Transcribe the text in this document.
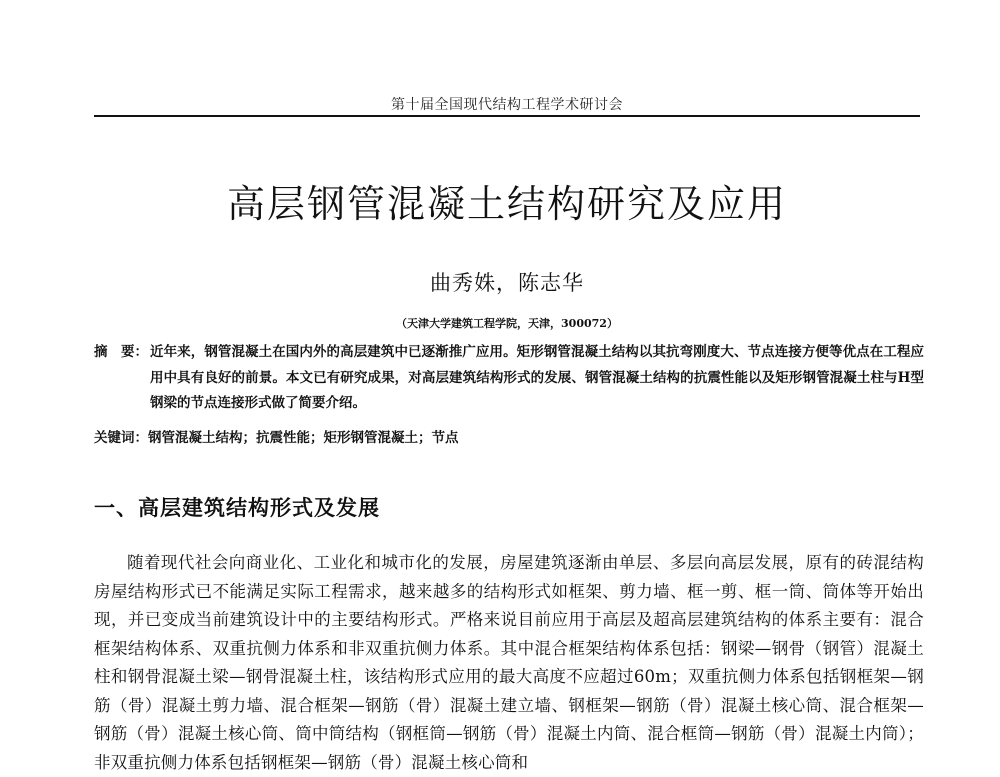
第十届全国现代结构工程学术研讨会
高层钢管混凝土结构研究及应用
曲秀姝，陈志华
（天津大学建筑工程学院，天津，300072）
摘　要： 近年来，钢管混凝土在国内外的高层建筑中已逐渐推广应用。矩形钢管混凝土结构以其抗弯刚度大、节点连接方便等优点在工程应用中具有良好的前景。本文已有研究成果，对高层建筑结构形式的发展、钢管混凝土结构的抗震性能以及矩形钢管混凝土柱与H型钢梁的节点连接形式做了简要介绍。
关键词：钢管混凝土结构；抗震性能；矩形钢管混凝土；节点
一、高层建筑结构形式及发展

随着现代社会向商业化、工业化和城市化的发展，房屋建筑逐渐由单层、多层向高层发展，原有的砖混结构房屋结构形式已不能满足实际工程需求，越来越多的结构形式如框架、剪力墙、框一剪、框一筒、筒体等开始出现，并已变成当前建筑设计中的主要结构形式。严格来说目前应用于高层及超高层建筑结构的体系主要有：混合框架结构体系、双重抗侧力体系和非双重抗侧力体系。其中混合框架结构体系包括：钢梁—钢骨（钢管）混凝土柱和钢骨混凝土梁—钢骨混凝土柱，该结构形式应用的最大高度不应超过60m；双重抗侧力体系包括钢框架—钢筋（骨）混凝土剪力墙、混合框架—钢筋（骨）混凝土建立墙、钢框架—钢筋（骨）混凝土核心筒、混合框架—钢筋（骨）混凝土核心筒、筒中筒结构（钢框筒—钢筋（骨）混凝土内筒、混合框筒—钢筋（骨）混凝土内筒）；非双重抗侧力体系包括钢框架—钢筋（骨）混凝土核心筒和
